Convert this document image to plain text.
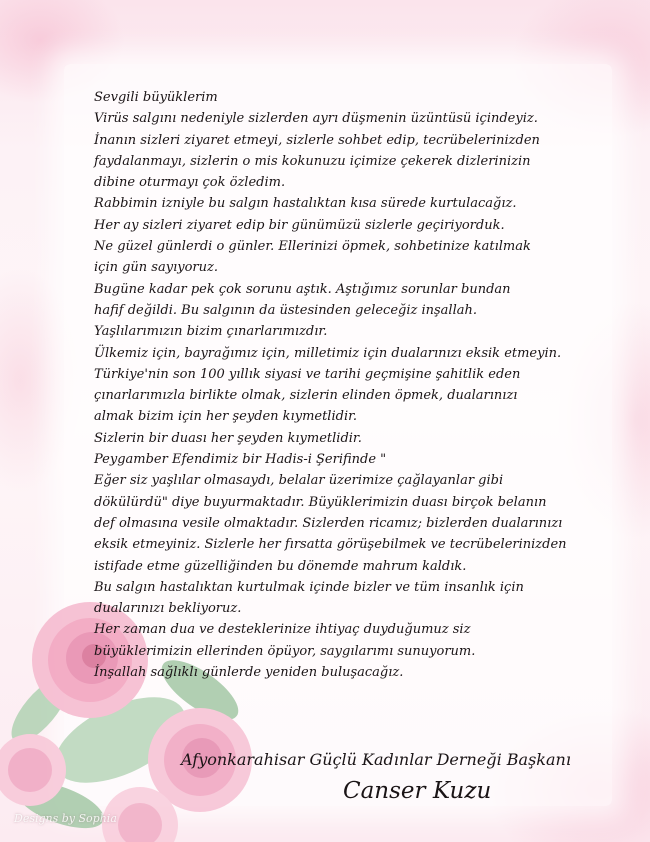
Sevgili büyüklerim
Virüs salgını nedeniyle sizlerden ayrı düşmenin üzüntüsü içindeyiz.
İnanın sizleri ziyaret etmeyi, sizlerle sohbet edip, tecrübelerinizden
faydalanmayı, sizlerin o mis kokunuzu içimize çekerek dizlerinizin
dibine oturmayı çok özledim.
Rabbimin izniyle bu salgın hastalıktan kısa sürede kurtulacağız.
Her ay sizleri ziyaret edip bir günümüzü sizlerle geçiriyorduk.
Ne güzel günlerdi o günler. Ellerinizi öpmek, sohbetinize katılmak
için gün sayıyoruz.
Bugüne kadar pek çok sorunu aştık. Aştığımız sorunlar bundan
hafif değildi. Bu salgının da üstesinden geleceğiz inşallah.
Yaşlılarımızın bizim çınarlarımızdır.
Ülkemiz için, bayrağımız için, milletimiz için dualarınızı eksik etmeyin.
Türkiye'nin son 100 yıllık siyasi ve tarihi geçmişine şahitlik eden
çınarlarımızla birlikte olmak, sizlerin elinden öpmek, dualarınızı
almak bizim için her şeyden kıymetlidir.
Sizlerin bir duası her şeyden kıymetlidir.
Peygamber Efendimiz bir Hadis-i Şerifinde "
Eğer siz yaşlılar olmasaydı, belalar üzerimize çağlayanlar gibi
dökülürdü" diye buyurmaktadır. Büyüklerimizin duası birçok belanın
def olmasına vesile olmaktadır. Sizlerden ricamız; bizlerden dualarınızı
eksik etmeyiniz. Sizlerle her fırsatta görüşebilmek ve tecrübelerinizden
istifade etme güzelliğinden bu dönemde mahrum kaldık.
Bu salgın hastalıktan kurtulmak içinde bizler ve tüm insanlık için
dualarınızı bekliyoruz.
Her zaman dua ve desteklerinize ihtiyaç duyduğumuz siz
büyüklerimizin ellerinden öpüyor, saygılarımı sunuyorum.
İnşallah sağlıklı günlerde yeniden buluşacağız.
Afyonkarahisar Güçlü Kadınlar Derneği Başkanı
Canser Kuzu
Designs by Sophia
